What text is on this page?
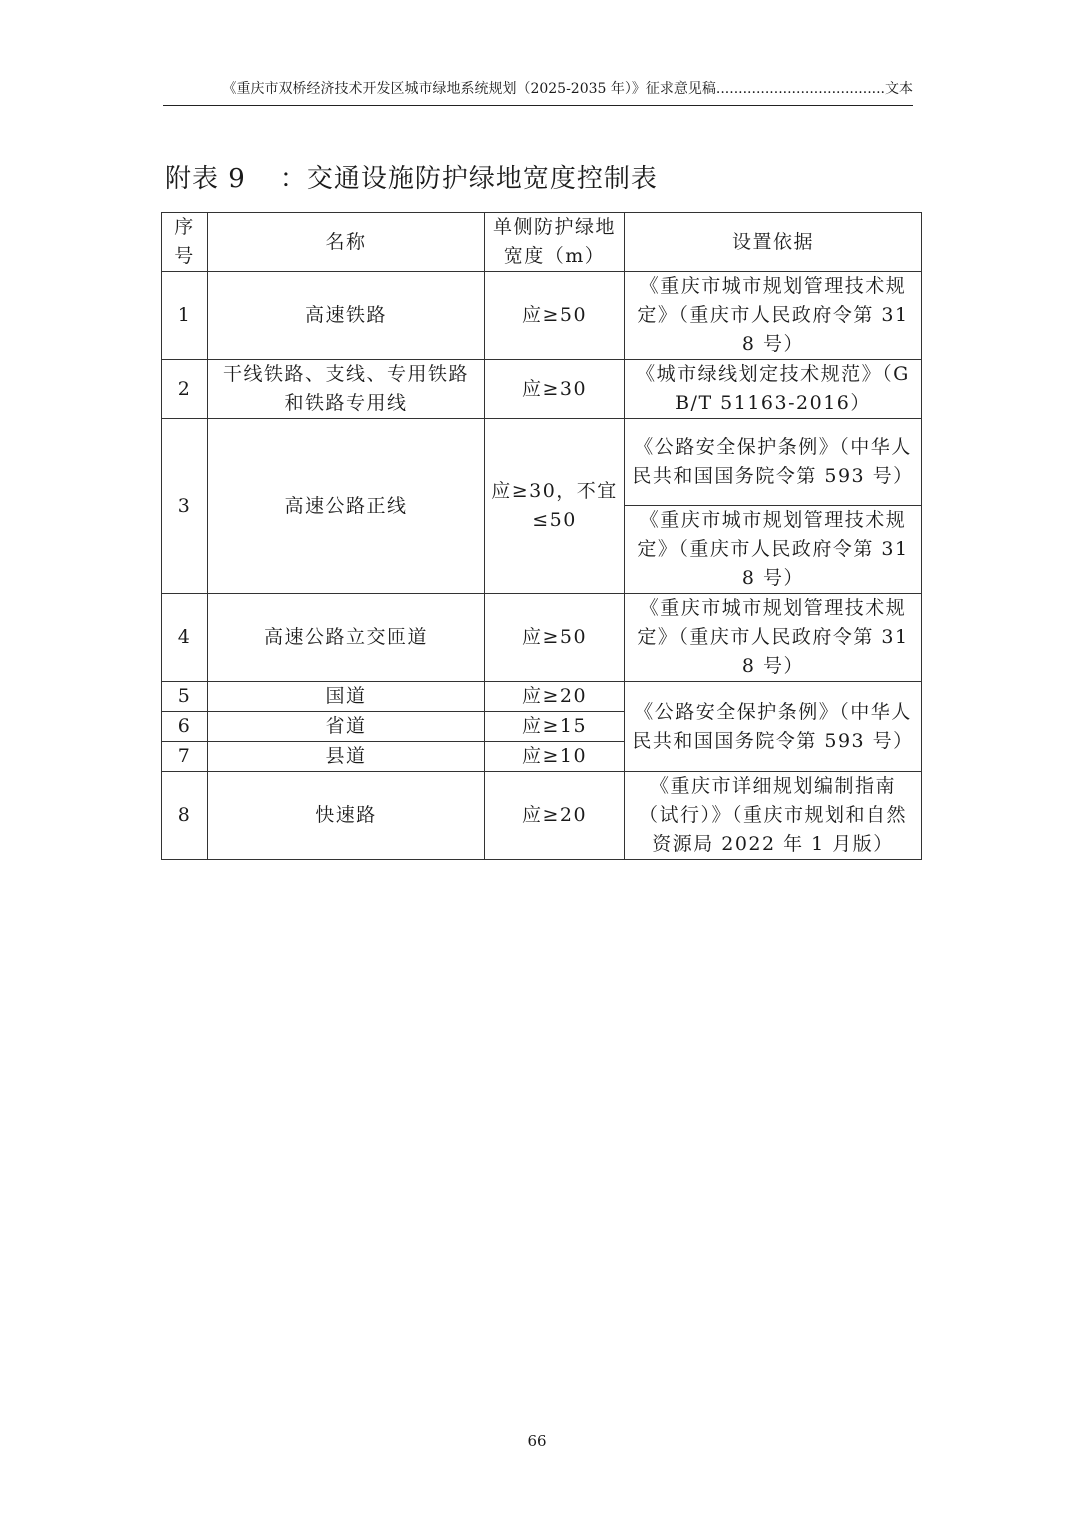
《重庆市双桥经济技术开发区城市绿地系统规划（2025-2035 年）》征求意见稿......................................文本
附表 9 ：交通设施防护绿地宽度控制表
序号	名称	单侧防护绿地宽度（m）	设置依据
1	高速铁路	应≥50	《重庆市城市规划管理技术规定》（重庆市人民政府令第 318 号）
2	干线铁路、支线、专用铁路和铁路专用线	应≥30	《城市绿线划定技术规范》（GB/T 51163-2016）
3	高速公路正线	应≥30，不宜≤50	《公路安全保护条例》（中华人民共和国国务院令第 593 号）
			《重庆市城市规划管理技术规定》（重庆市人民政府令第 318 号）
4	高速公路立交匝道	应≥50	《重庆市城市规划管理技术规定》（重庆市人民政府令第 318 号）
5	国道	应≥20	《公路安全保护条例》（中华人民共和国国务院令第 593 号）
6	省道	应≥15	
7	县道	应≥10	
8	快速路	应≥20	《重庆市详细规划编制指南（试行）》（重庆市规划和自然资源局 2022 年 1 月版）
66
